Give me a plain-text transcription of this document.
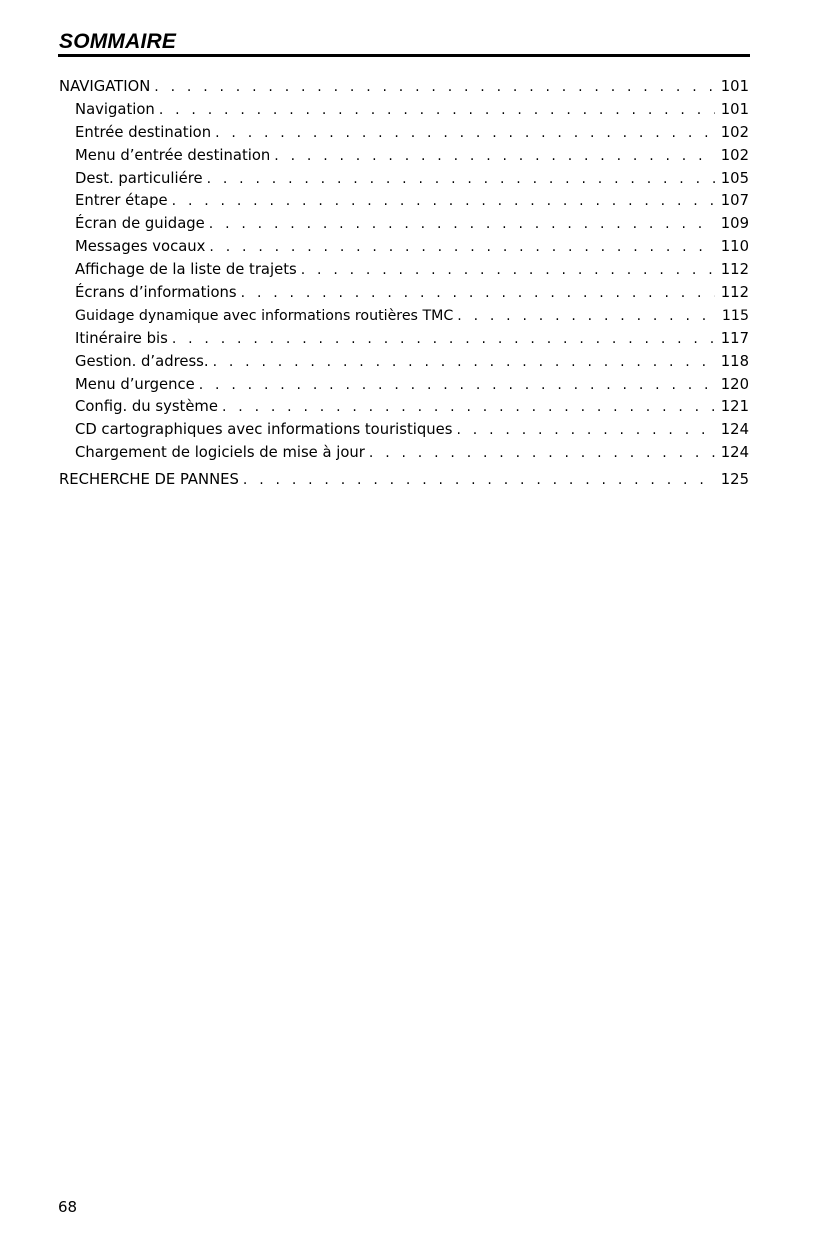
SOMMAIRE
NAVIGATION . . .	101
Navigation . . .	101
Entrée destination . . .	102
Menu d’entrée destination . . .	102
Dest. particuliére . . .	105
Entrer étape . . .	107
Écran de guidage . . .	109
Messages vocaux . . .	110
Affichage de la liste de trajets . . .	112
Écrans d’informations . . .	112
Guidage dynamique avec informations routières TMC . . .	115
Itinéraire bis . . .	117
Gestion. d’adress. . . .	118
Menu d’urgence . . .	120
Config. du système . . .	121
CD cartographiques avec informations touristiques . . .	124
Chargement de logiciels de mise à jour . . .	124
RECHERCHE DE PANNES . . .	125
68
